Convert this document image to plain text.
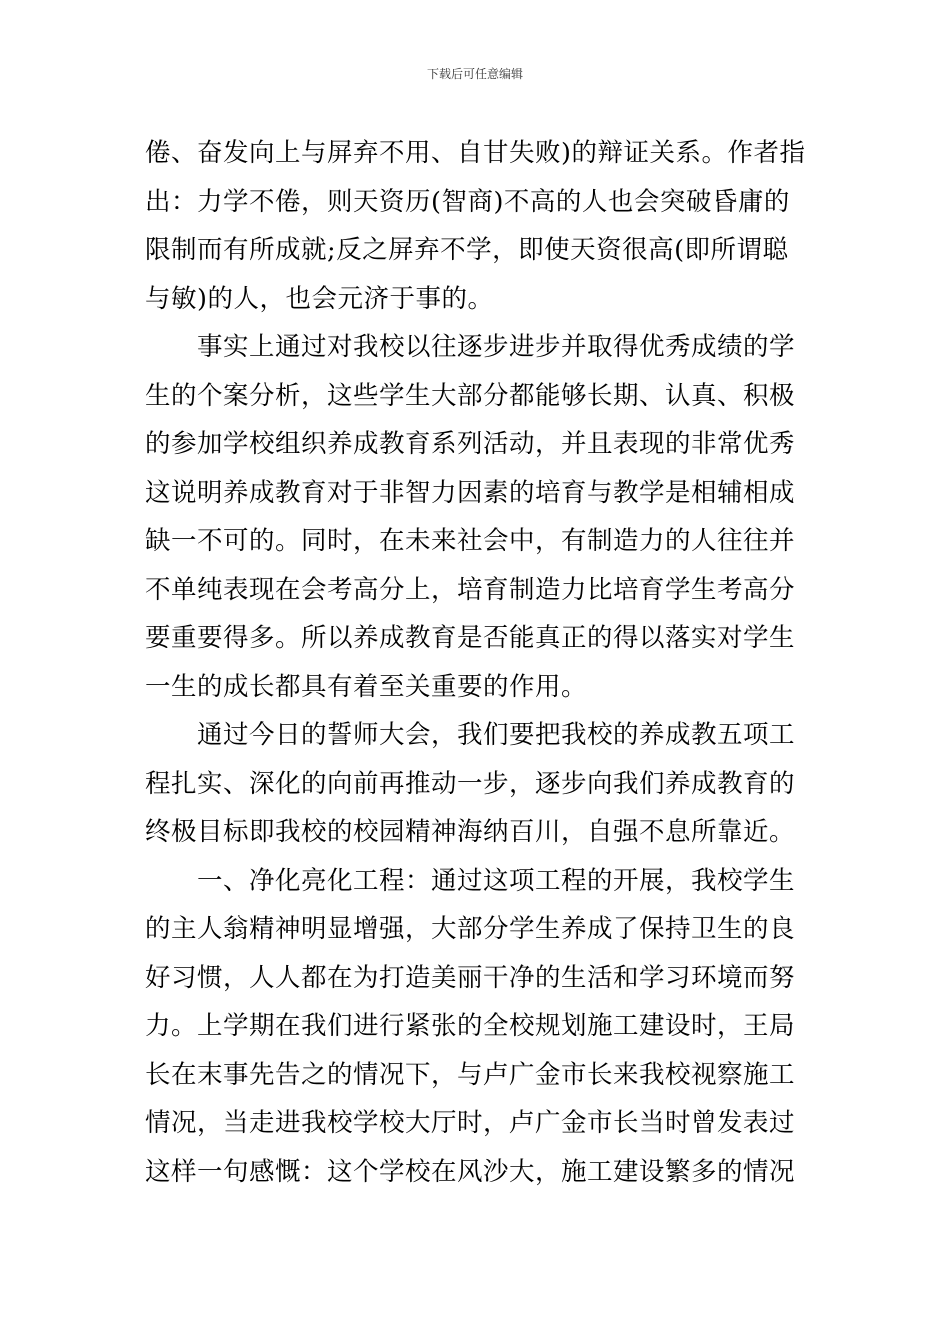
下载后可任意编辑
倦、奋发向上与屏弃不用、自甘失败)的辩证关系。作者指
出：力学不倦，则天资历(智商)不高的人也会突破昏庸的
限制而有所成就;反之屏弃不学，即使天资很高(即所谓聪
与敏)的人，也会元济于事的。
　　事实上通过对我校以往逐步进步并取得优秀成绩的学
生的个案分析，这些学生大部分都能够长期、认真、积极
的参加学校组织养成教育系列活动，并且表现的非常优秀
这说明养成教育对于非智力因素的培育与教学是相辅相成
缺一不可的。同时，在未来社会中，有制造力的人往往并
不单纯表现在会考高分上，培育制造力比培育学生考高分
要重要得多。所以养成教育是否能真正的得以落实对学生
一生的成长都具有着至关重要的作用。
　　通过今日的誓师大会，我们要把我校的养成教五项工
程扎实、深化的向前再推动一步，逐步向我们养成教育的
终极目标即我校的校园精神海纳百川，自强不息所靠近。
　　一、净化亮化工程：通过这项工程的开展，我校学生
的主人翁精神明显增强，大部分学生养成了保持卫生的良
好习惯，人人都在为打造美丽干净的生活和学习环境而努
力。上学期在我们进行紧张的全校规划施工建设时，王局
长在末事先告之的情况下，与卢广金市长来我校视察施工
情况，当走进我校学校大厅时，卢广金市长当时曾发表过
这样一句感慨：这个学校在风沙大，施工建设繁多的情况
